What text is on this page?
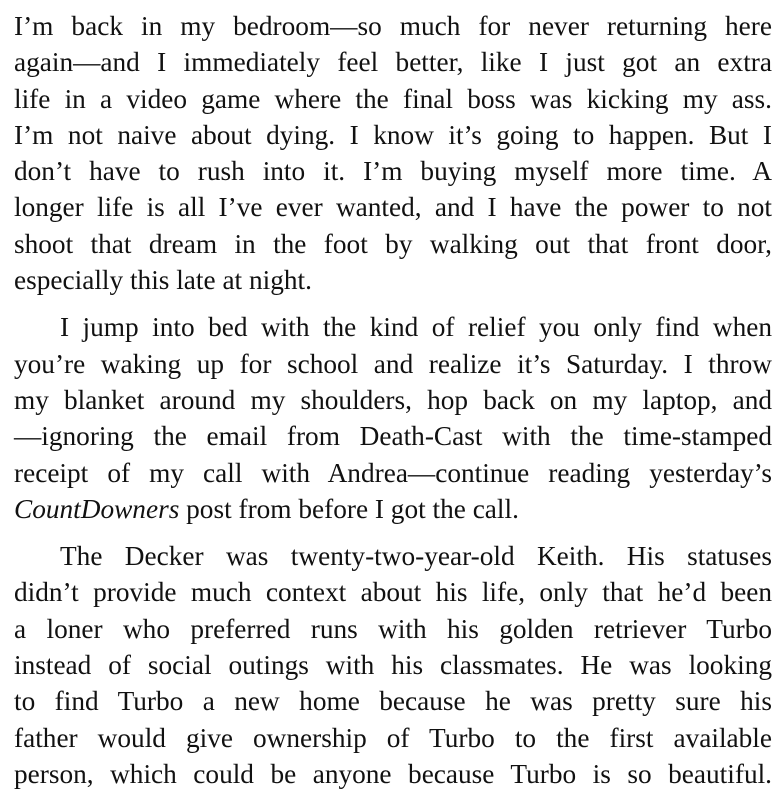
I’m back in my bedroom—so much for never returning here
again—and I immediately feel better, like I just got an extra
life in a video game where the final boss was kicking my ass.
I’m not naive about dying. I know it’s going to happen. But I
don’t have to rush into it. I’m buying myself more time. A
longer life is all I’ve ever wanted, and I have the power to not
shoot that dream in the foot by walking out that front door,
especially this late at night.
I jump into bed with the kind of relief you only find when
you’re waking up for school and realize it’s Saturday. I throw
my blanket around my shoulders, hop back on my laptop, and
—ignoring the email from Death-Cast with the time-stamped
receipt of my call with Andrea—continue reading yesterday’s
CountDowners post from before I got the call.
The Decker was twenty-two-year-old Keith. His statuses
didn’t provide much context about his life, only that he’d been
a loner who preferred runs with his golden retriever Turbo
instead of social outings with his classmates. He was looking
to find Turbo a new home because he was pretty sure his
father would give ownership of Turbo to the first available
person, which could be anyone because Turbo is so beautiful.
